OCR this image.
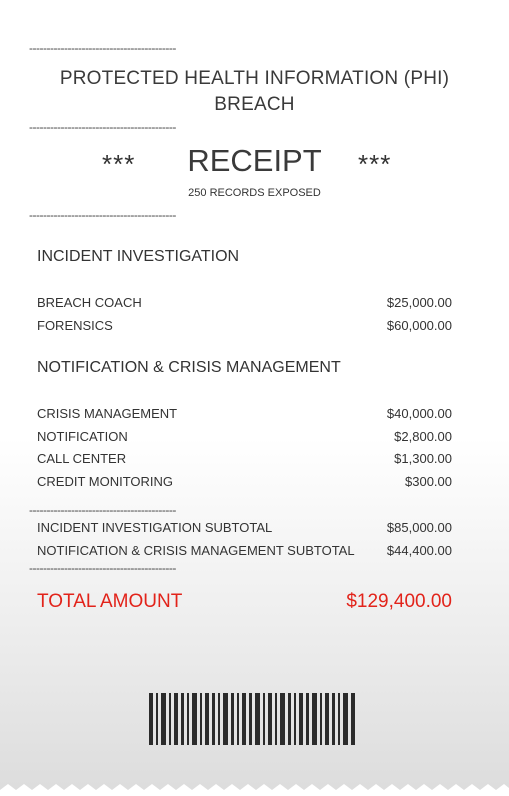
------------------------------------------
PROTECTED HEALTH INFORMATION (PHI)
BREACH
------------------------------------------
***	RECEIPT	***
250 RECORDS EXPOSED
------------------------------------------
INCIDENT INVESTIGATION
BREACH COACH	$25,000.00
FORENSICS	$60,000.00
NOTIFICATION & CRISIS MANAGEMENT
CRISIS MANAGEMENT	$40,000.00
NOTIFICATION	$2,800.00
CALL CENTER	$1,300.00
CREDIT MONITORING	$300.00
------------------------------------------
INCIDENT INVESTIGATION SUBTOTAL	$85,000.00
NOTIFICATION & CRISIS MANAGEMENT SUBTOTAL $44,400.00
------------------------------------------
TOTAL AMOUNT	$129,400.00
